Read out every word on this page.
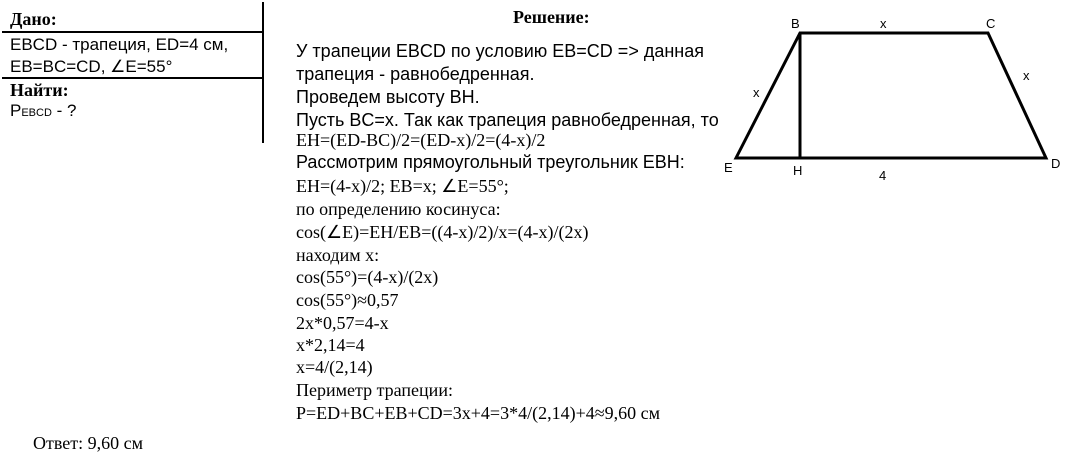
Дано:
EBCD - трапеция, ED=4 см,
EB=BC=CD, ∠E=55°
Найти:
PEBCD - ?
Решение:
У трапеции EBCD по условию EB=CD => данная
трапеция - равнобедренная.
Проведем высоту BH.
Пусть BC=x. Так как трапеция равнобедренная, то
EH=(ED-BC)/2=(ED-x)/2=(4-x)/2
Рассмотрим прямоугольный треугольник EBH:
EH=(4-x)/2; EB=x; ∠E=55°;
по определению косинуса:
cos(∠E)=EH/EB=((4-x)/2)/x=(4-x)/(2x)
находим x:
cos(55°)=(4-x)/(2x)
cos(55°)≈0,57
2x*0,57=4-x
x*2,14=4
x=4/(2,14)
Периметр трапеции:
P=ED+BC+EB+CD=3x+4=3*4/(2,14)+4≈9,60 см
Ответ: 9,60 см
B	C
E	H	D
x
x
x
4
